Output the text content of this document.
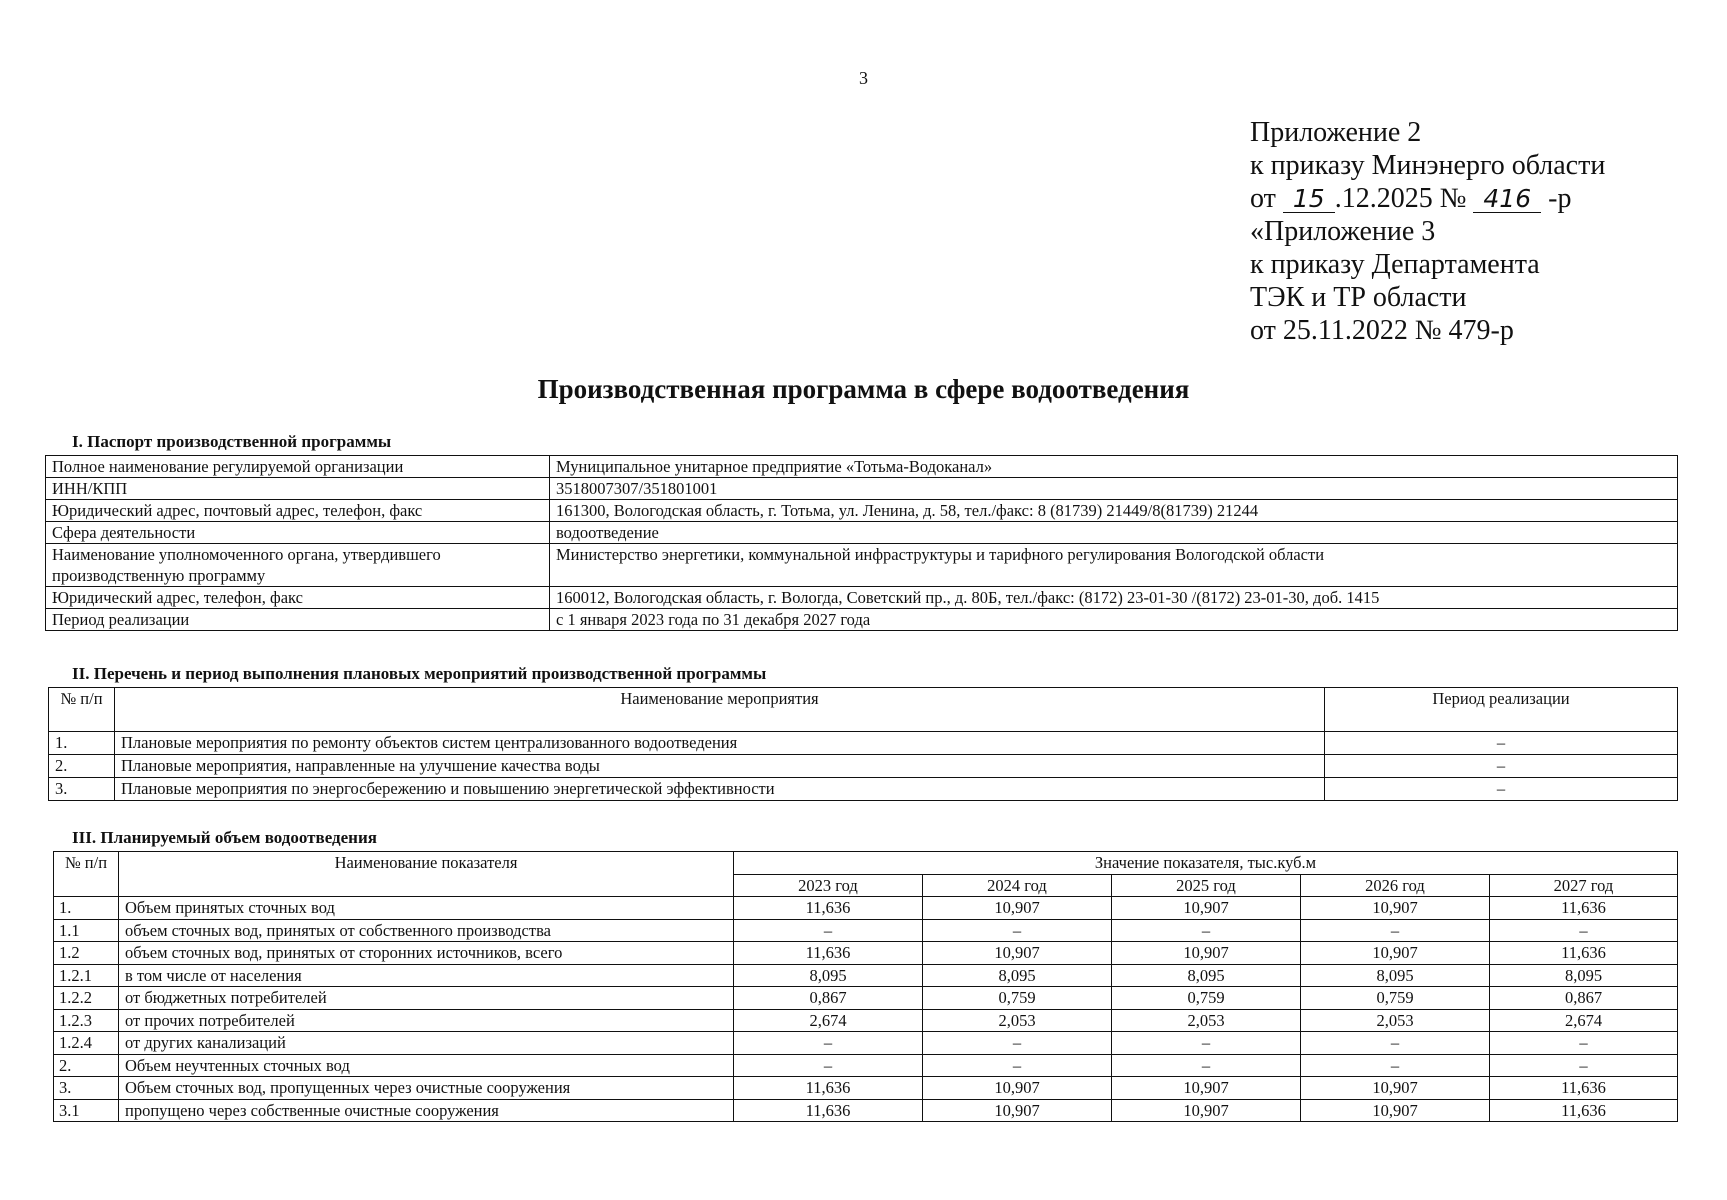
3
Приложение 2
к приказу Минэнерго области
от 15 .12.2025 № 416 -р
«Приложение 3
к приказу Департамента
ТЭК и ТР области
от 25.11.2022 № 479-р
Производственная программа в сфере водоотведения
I. Паспорт производственной программы
Полное наименование регулируемой организации	Муниципальное унитарное предприятие «Тотьма-Водоканал»
ИНН/КПП	3518007307/351801001
Юридический адрес, почтовый адрес, телефон, факс	161300, Вологодская область, г. Тотьма, ул. Ленина, д. 58, тел./факс: 8 (81739) 21449/8(81739) 21244
Сфера деятельности	водоотведение
Наименование уполномоченного органа, утвердившего производственную программу	Министерство энергетики, коммунальной инфраструктуры и тарифного регулирования Вологодской области
Юридический адрес, телефон, факс	160012, Вологодская область, г. Вологда, Советский пр., д. 80Б, тел./факс: (8172) 23-01-30 /(8172) 23-01-30, доб. 1415
Период реализации	с 1 января 2023 года по 31 декабря 2027 года
II. Перечень и период выполнения плановых мероприятий производственной программы
№ п/п	Наименование мероприятия	Период реализации
1.	Плановые мероприятия по ремонту объектов систем централизованного водоотведения	–
2.	Плановые мероприятия, направленные на улучшение качества воды	–
3.	Плановые мероприятия по энергосбережению и повышению энергетической эффективности	–
III. Планируемый объем водоотведения
№ п/п	Наименование показателя	Значение показателя, тыс.куб.м				
		2023 год	2024 год	2025 год	2026 год	2027 год
1.	Объем принятых сточных вод	11,636	10,907	10,907	10,907	11,636
1.1	объем сточных вод, принятых от собственного производства	–	–	–	–	–
1.2	объем сточных вод, принятых от сторонних источников, всего	11,636	10,907	10,907	10,907	11,636
1.2.1	в том числе от населения	8,095	8,095	8,095	8,095	8,095
1.2.2	от бюджетных потребителей	0,867	0,759	0,759	0,759	0,867
1.2.3	от прочих потребителей	2,674	2,053	2,053	2,053	2,674
1.2.4	от других канализаций	–	–	–	–	–
2.	Объем неучтенных сточных вод	–	–	–	–	–
3.	Объем сточных вод, пропущенных через очистные сооружения	11,636	10,907	10,907	10,907	11,636
3.1	пропущено через собственные очистные сооружения	11,636	10,907	10,907	10,907	11,636
